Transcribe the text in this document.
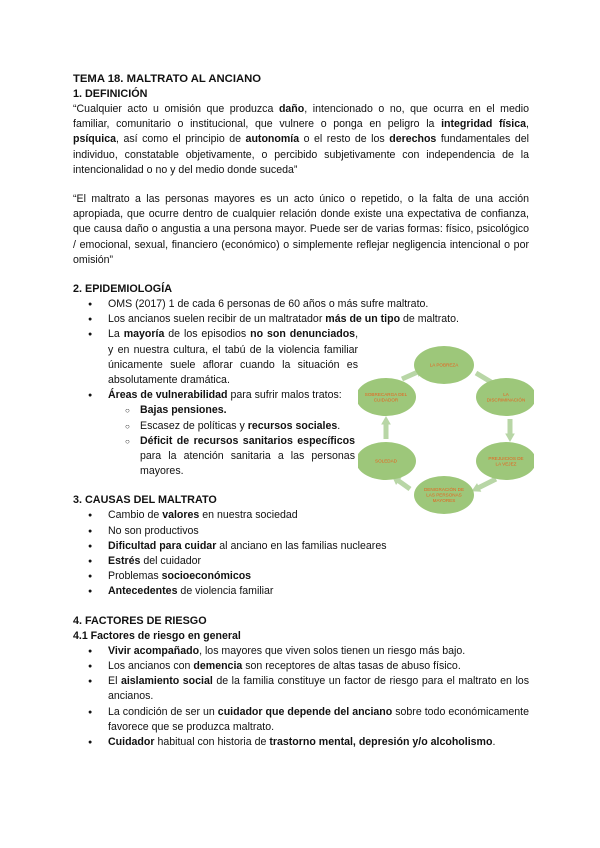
TEMA 18. MALTRATO AL ANCIANO
1. DEFINICIÓN

“Cualquier acto u omisión que produzca daño, intencionado o no, que ocurra en el medio familiar, comunitario o institucional, que vulnere o ponga en peligro la integridad física, psíquica, así como el principio de autonomía o el resto de los derechos fundamentales del individuo, constatable objetivamente, o percibido subjetivamente con independencia de la intencionalidad o no y del medio donde suceda”

“El maltrato a las personas mayores es un acto único o repetido, o la falta de una acción apropiada, que ocurre dentro de cualquier relación donde existe una expectativa de confianza, que causa daño o angustia a una persona mayor. Puede ser de varias formas: físico, psicológico / emocional, sexual, financiero (económico) o simplemente reflejar negligencia intencional o por omisión”

2. EPIDEMIOLOGÍA
● OMS (2017) 1 de cada 6 personas de 60 años o más sufre maltrato.
● Los ancianos suelen recibir de un maltratador más de un tipo de maltrato.
● La mayoría de los episodios no son denunciados, y en nuestra cultura, el tabú de la violencia familiar únicamente suele aflorar cuando la situación es absolutamente dramática.
● Áreas de vulnerabilidad para sufrir malos tratos:
○ Bajas pensiones.
○ Escasez de políticas y recursos sociales.
○ Déficit de recursos sanitarios específicos para la atención sanitaria a las personas mayores.
3. CAUSAS DEL MALTRATO
● Cambio de valores en nuestra sociedad
● No son productivos
● Dificultad para cuidar al anciano en las familias nucleares
● Estrés del cuidador
● Problemas socioeconómicos
● Antecedentes de violencia familiar
4. FACTORES DE RIESGO
4.1 Factores de riesgo en general
● Vivir acompañado, los mayores que viven solos tienen un riesgo más bajo.
● Los ancianos con demencia son receptores de altas tasas de abuso físico.
● El aislamiento social de la familia constituye un factor de riesgo para el maltrato en los ancianos.
● La condición de ser un cuidador que depende del anciano sobre todo económicamente favorece que se produzca maltrato.
● Cuidador habitual con historia de trastorno mental, depresión y/o alcoholismo.
LA POBREZA
LA DISCRIMINACIÓN
PREJUICIOS DE LA VEJEZ
DENIGRACIÓN DE LAS PERSONAS MAYORES
SOLEDAD
SOBRECARGA DEL CUIDADOR
